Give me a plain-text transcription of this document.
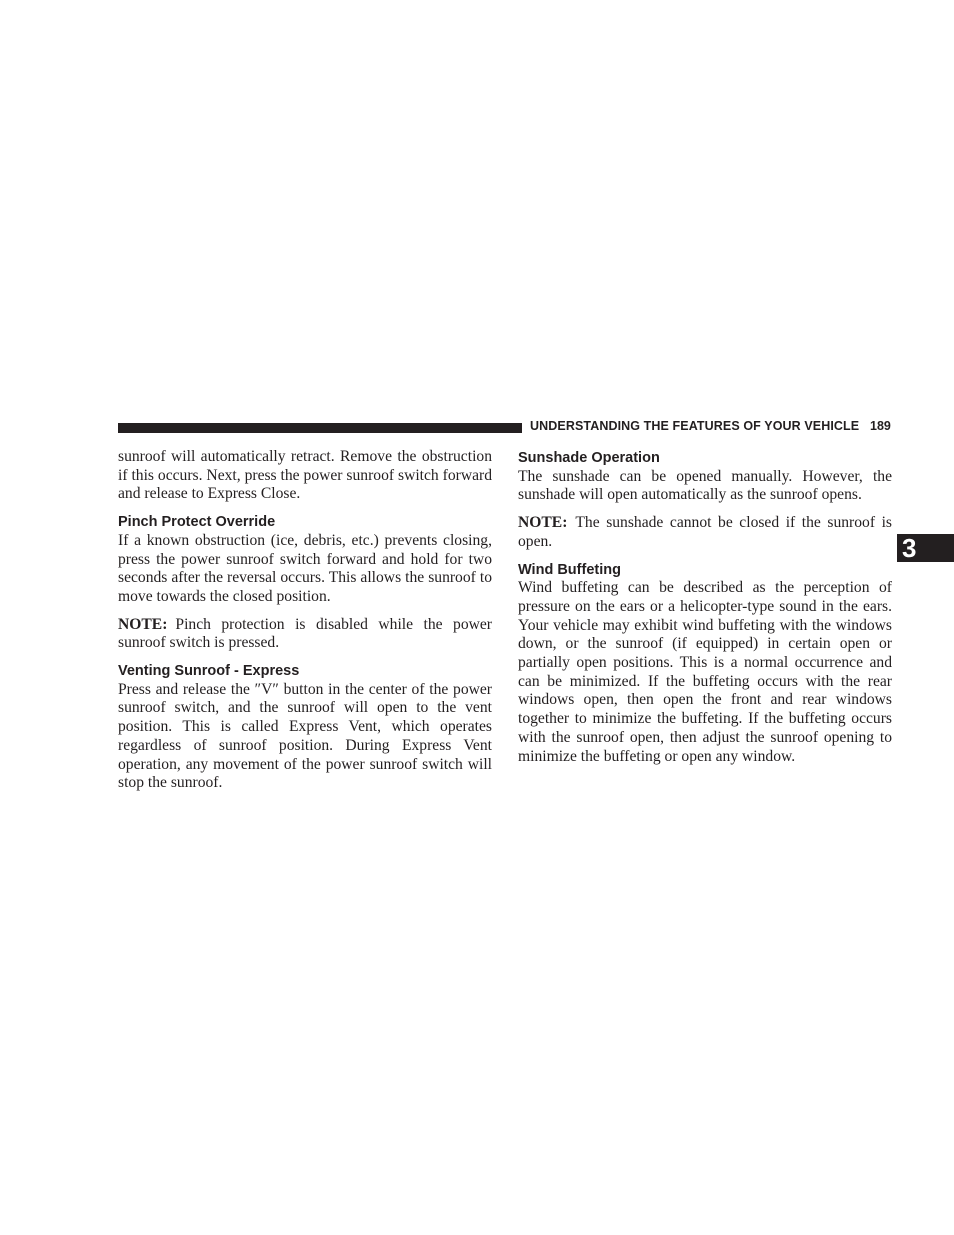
UNDERSTANDING THE FEATURES OF YOUR VEHICLE 189
3

sunroof will automatically retract. Remove the obstruction if this occurs. Next, press the power sunroof switch forward and release to Express Close.

Pinch Protect Override

If a known obstruction (ice, debris, etc.) prevents closing, press the power sunroof switch forward and hold for two seconds after the reversal occurs. This allows the sunroof to move towards the closed position.

NOTE: Pinch protection is disabled while the power sunroof switch is pressed.

Venting Sunroof - Express

Press and release the ″V″ button in the center of the power sunroof switch, and the sunroof will open to the vent position. This is called Express Vent, which operates regardless of sunroof position. During Express Vent operation, any movement of the power sunroof switch will stop the sunroof.

Sunshade Operation

The sunshade can be opened manually. However, the sunshade will open automatically as the sunroof opens.

NOTE: The sunshade cannot be closed if the sunroof is open.

Wind Buffeting

Wind buffeting can be described as the perception of pressure on the ears or a helicopter-type sound in the ears. Your vehicle may exhibit wind buffeting with the windows down, or the sunroof (if equipped) in certain open or partially open positions. This is a normal occurrence and can be minimized. If the buffeting occurs with the rear windows open, then open the front and rear windows together to minimize the buffeting. If the buffeting occurs with the sunroof open, then adjust the sunroof opening to minimize the buffeting or open any window.
